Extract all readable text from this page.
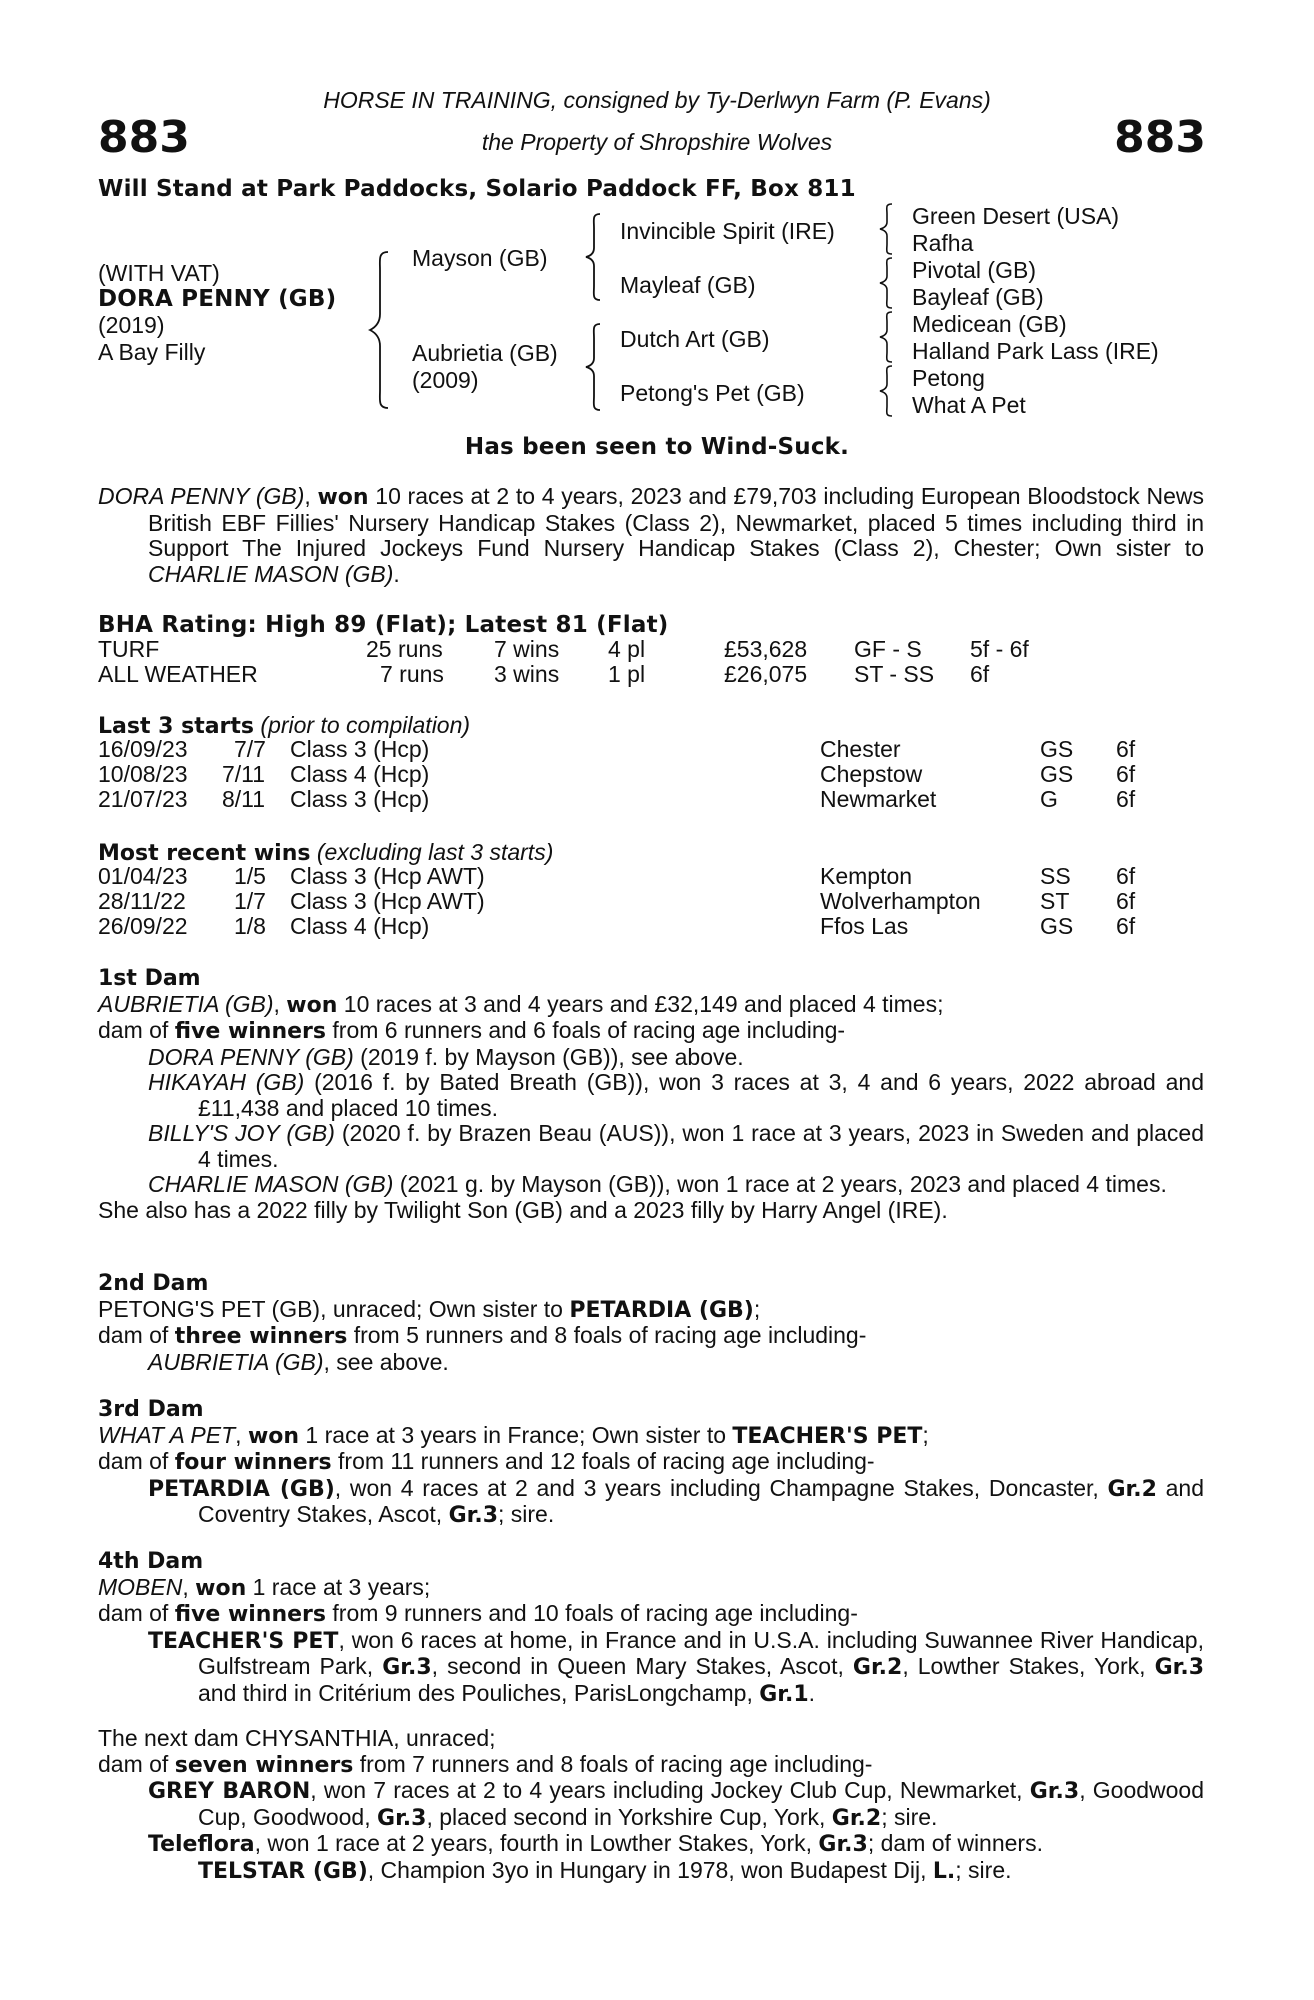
883	883
HORSE IN TRAINING, consigned by Ty-Derlwyn Farm (P. Evans)
the Property of Shropshire Wolves
Will Stand at Park Paddocks, Solario Paddock FF, Box 811
(WITH VAT)
DORA PENNY (GB)
(2019)
A Bay Filly
Mayson (GB)
Aubrietia (GB)
(2009)
Invincible Spirit (IRE)
Mayleaf (GB)
Dutch Art (GB)
Petong's Pet (GB)
Green Desert (USA)
Rafha
Pivotal (GB)
Bayleaf (GB)
Medicean (GB)
Halland Park Lass (IRE)
Petong
What A Pet
Has been seen to Wind-Suck.
DORA PENNY (GB), won 10 races at 2 to 4 years, 2023 and £79,703 including European Bloodstock News British EBF Fillies' Nursery Handicap Stakes (Class 2), Newmarket, placed 5 times including third in Support The Injured Jockeys Fund Nursery Handicap Stakes (Class 2), Chester; Own sister to CHARLIE MASON (GB).
BHA Rating: High 89 (Flat); Latest 81 (Flat)
TURF	25 runs 7 wins 4 pl	£53,628 GF - S 5f - 6f
ALL WEATHER	7 runs 3 wins 1 pl	£26,075 ST - SS 6f
Last 3 starts (prior to compilation)
16/09/23 7/7 Class 3 (Hcp)	Chester	GS 6f
10/08/23 7/11 Class 4 (Hcp)	Chepstow	GS 6f
21/07/23 8/11 Class 3 (Hcp)	Newmarket	G	6f
Most recent wins (excluding last 3 starts)
01/04/23 1/5 Class 3 (Hcp AWT)	Kempton	SS 6f
28/11/22 1/7 Class 3 (Hcp AWT)	Wolverhampton	ST 6f
26/09/22 1/8 Class 4 (Hcp)	Ffos Las	GS 6f
1st Dam
AUBRIETIA (GB), won 10 races at 3 and 4 years and £32,149 and placed 4 times;
dam of five winners from 6 runners and 6 foals of racing age including-
DORA PENNY (GB) (2019 f. by Mayson (GB)), see above.
HIKAYAH (GB) (2016 f. by Bated Breath (GB)), won 3 races at 3, 4 and 6 years, 2022 abroad and £11,438 and placed 10 times.
BILLY'S JOY (GB) (2020 f. by Brazen Beau (AUS)), won 1 race at 3 years, 2023 in Sweden and placed 4 times.
CHARLIE MASON (GB) (2021 g. by Mayson (GB)), won 1 race at 2 years, 2023 and placed 4 times.
She also has a 2022 filly by Twilight Son (GB) and a 2023 filly by Harry Angel (IRE).
2nd Dam
PETONG'S PET (GB), unraced; Own sister to PETARDIA (GB);
dam of three winners from 5 runners and 8 foals of racing age including-
AUBRIETIA (GB), see above.
3rd Dam
WHAT A PET, won 1 race at 3 years in France; Own sister to TEACHER'S PET;
dam of four winners from 11 runners and 12 foals of racing age including-
PETARDIA (GB), won 4 races at 2 and 3 years including Champagne Stakes, Doncaster, Gr.2 and Coventry Stakes, Ascot, Gr.3; sire.
4th Dam
MOBEN, won 1 race at 3 years;
dam of five winners from 9 runners and 10 foals of racing age including-
TEACHER'S PET, won 6 races at home, in France and in U.S.A. including Suwannee River Handicap, Gulfstream Park, Gr.3, second in Queen Mary Stakes, Ascot, Gr.2, Lowther Stakes, York, Gr.3 and third in Critérium des Pouliches, ParisLongchamp, Gr.1.
The next dam CHYSANTHIA, unraced;
dam of seven winners from 7 runners and 8 foals of racing age including-
GREY BARON, won 7 races at 2 to 4 years including Jockey Club Cup, Newmarket, Gr.3, Goodwood Cup, Goodwood, Gr.3, placed second in Yorkshire Cup, York, Gr.2; sire.
Teleflora, won 1 race at 2 years, fourth in Lowther Stakes, York, Gr.3; dam of winners.
TELSTAR (GB), Champion 3yo in Hungary in 1978, won Budapest Dij, L.; sire.
